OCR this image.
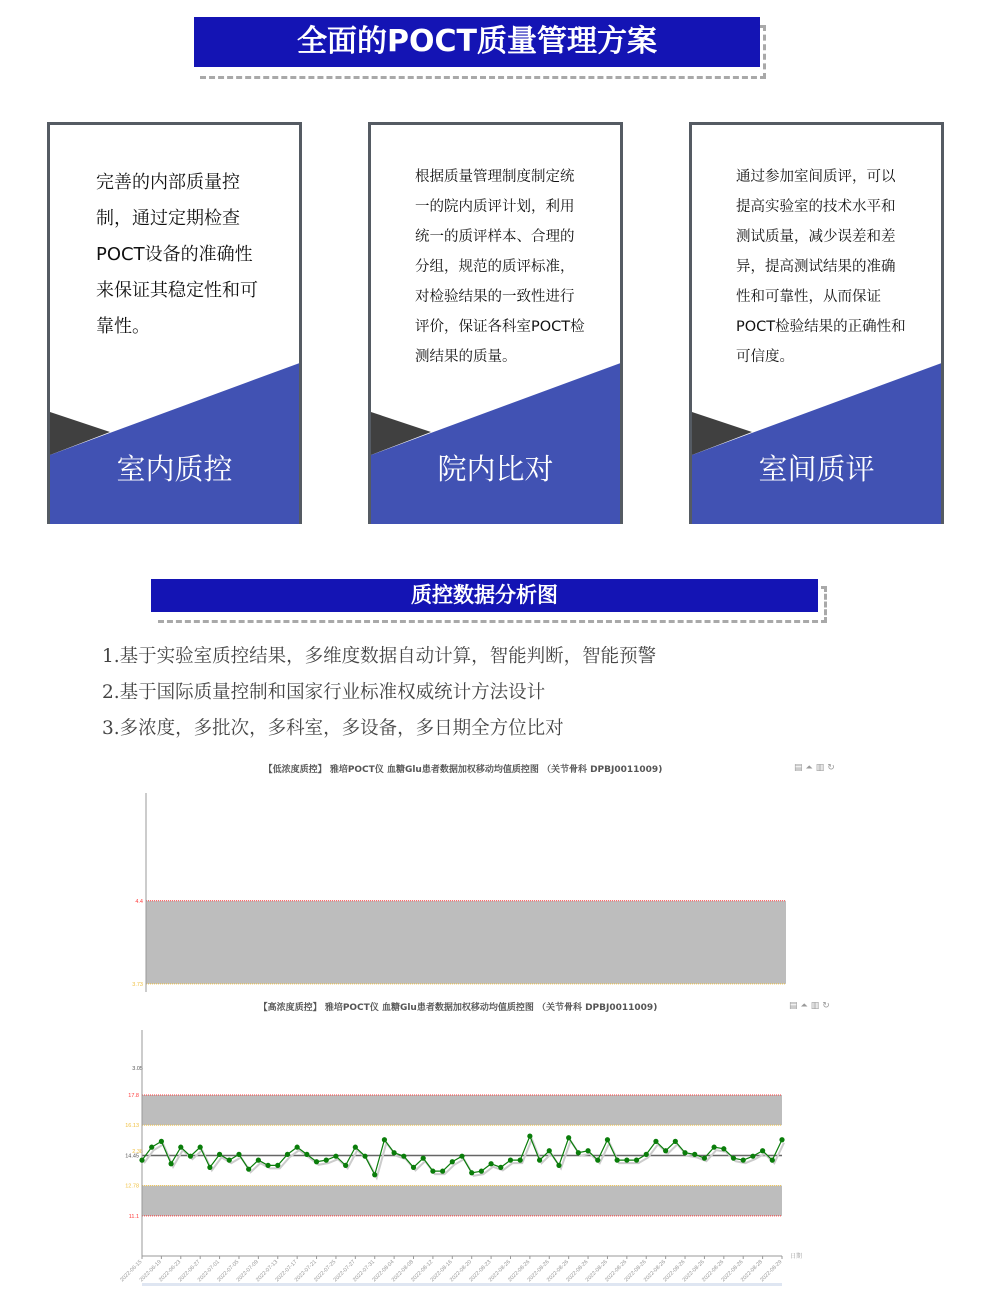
全面的POCT质量管理方案
完善的内部质量控制，通过定期检查POCT设备的准确性来保证其稳定性和可靠性。
室内质控
根据质量管理制度制定统一的院内质评计划，利用统一的质评样本、合理的分组，规范的质评标准，对检验结果的一致性进行评价，保证各科室POCT检测结果的质量。
院内比对
通过参加室间质评，可以提高实验室的技术水平和测试质量，减少误差和差异，提高测试结果的准确性和可靠性，从而保证POCT检验结果的正确性和可信度。
室间质评
质控数据分析图
1.基于实验室质控结果，多维度数据自动计算，智能判断，智能预警
2.基于国际质量控制和国家行业标准权威统计方法设计
3.多浓度，多批次，多科室，多设备，多日期全方位比对
【低浓度质控】 雅培POCT仪 血糖Glu患者数据加权移动均值质控图 （关节骨科 DPBJ0011009)	▤⏶▥↻
【高浓度质控】 雅培POCT仪 血糖Glu患者数据加权移动均值质控图 （关节骨科 DPBJ0011009)	▤⏶▥↻
4.4
3.73
3.05
2.38
17.8
16.13
14.45
12.78
11.1
2022-06-15
2022-06-19
2022-06-23
2022-06-27
2022-07-01
2022-07-05
2022-07-09
2022-07-13
2022-07-17
2022-07-21
2022-07-25
2022-07-27
2022-07-31
2022-08-04
2022-08-08
2022-08-12
2022-08-16
2022-08-20
2022-08-23
2022-08-26
2022-08-26
2022-08-26
2022-08-26
2022-08-26
2022-08-26
2022-08-26
2022-08-26
2022-08-26
2022-08-26
2022-08-26
2022-08-26
2022-08-26
2022-08-28
2022-08-29
日期
